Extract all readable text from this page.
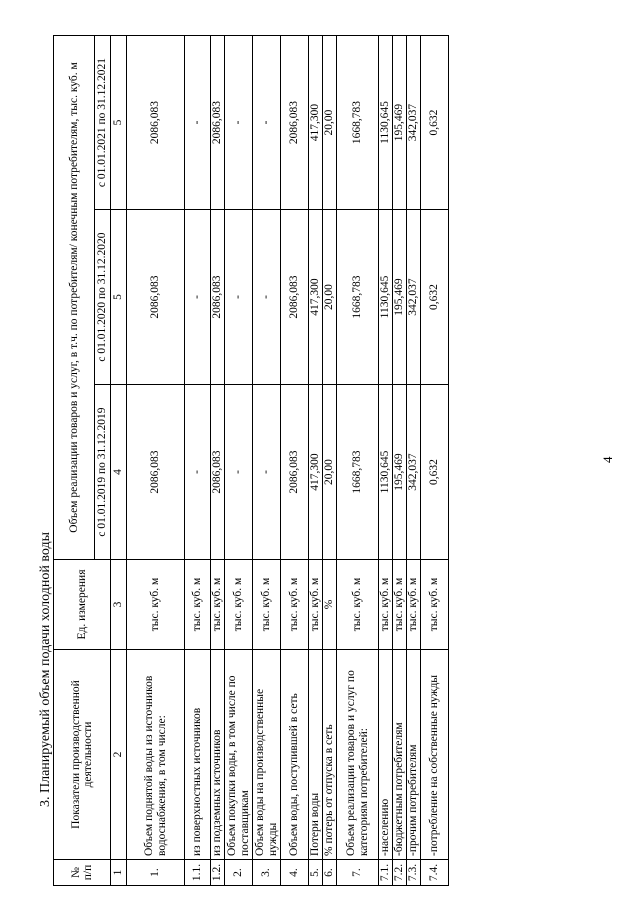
4
3. Планируемый объем подачи холодной воды
№ п/п	Показатели производственной деятельности	Ед. измерения	Объем реализации товаров и услуг, в т.ч. по потребителям/ конечным потребителям, тыс. куб. м		
			с 01.01.2019 по 31.12.2019	с 01.01.2020 по 31.12.2020	с 01.01.2021 по 31.12.2021
1	2	3	4	5	5
1.	Объем поднятой воды из источников водоснабжения, в том числе:	тыс. куб. м	2086,083	2086,083	2086,083
1.1.	из поверхностных источников	тыс. куб. м	-	-	-
1.2.	из подземных источников	тыс. куб. м	2086,083	2086,083	2086,083
2.	Объем покупки воды, в том числе по поставщикам	тыс. куб. м	-	-	-
3.	Объем воды на производственные нужды	тыс. куб. м	-	-	-
4.	Объем воды, поступившей в сеть	тыс. куб. м	2086,083	2086,083	2086,083
5.	Потери воды	тыс. куб. м	417,300	417,300	417,300
6.	% потерь от отпуска в сеть	%	20,00	20,00	20,00
7.	Объем реализации товаров и услуг по категориям потребителей:	тыс. куб. м	1668,783	1668,783	1668,783
7.1.	-населению	тыс. куб. м	1130,645	1130,645	1130,645
7.2.	-бюджетным потребителям	тыс. куб. м	195,469	195,469	195,469
7.3.	-прочим потребителям	тыс. куб. м	342,037	342,037	342,037
7.4.	-потребление на собственные нужды	тыс. куб. м	0,632	0,632	0,632
